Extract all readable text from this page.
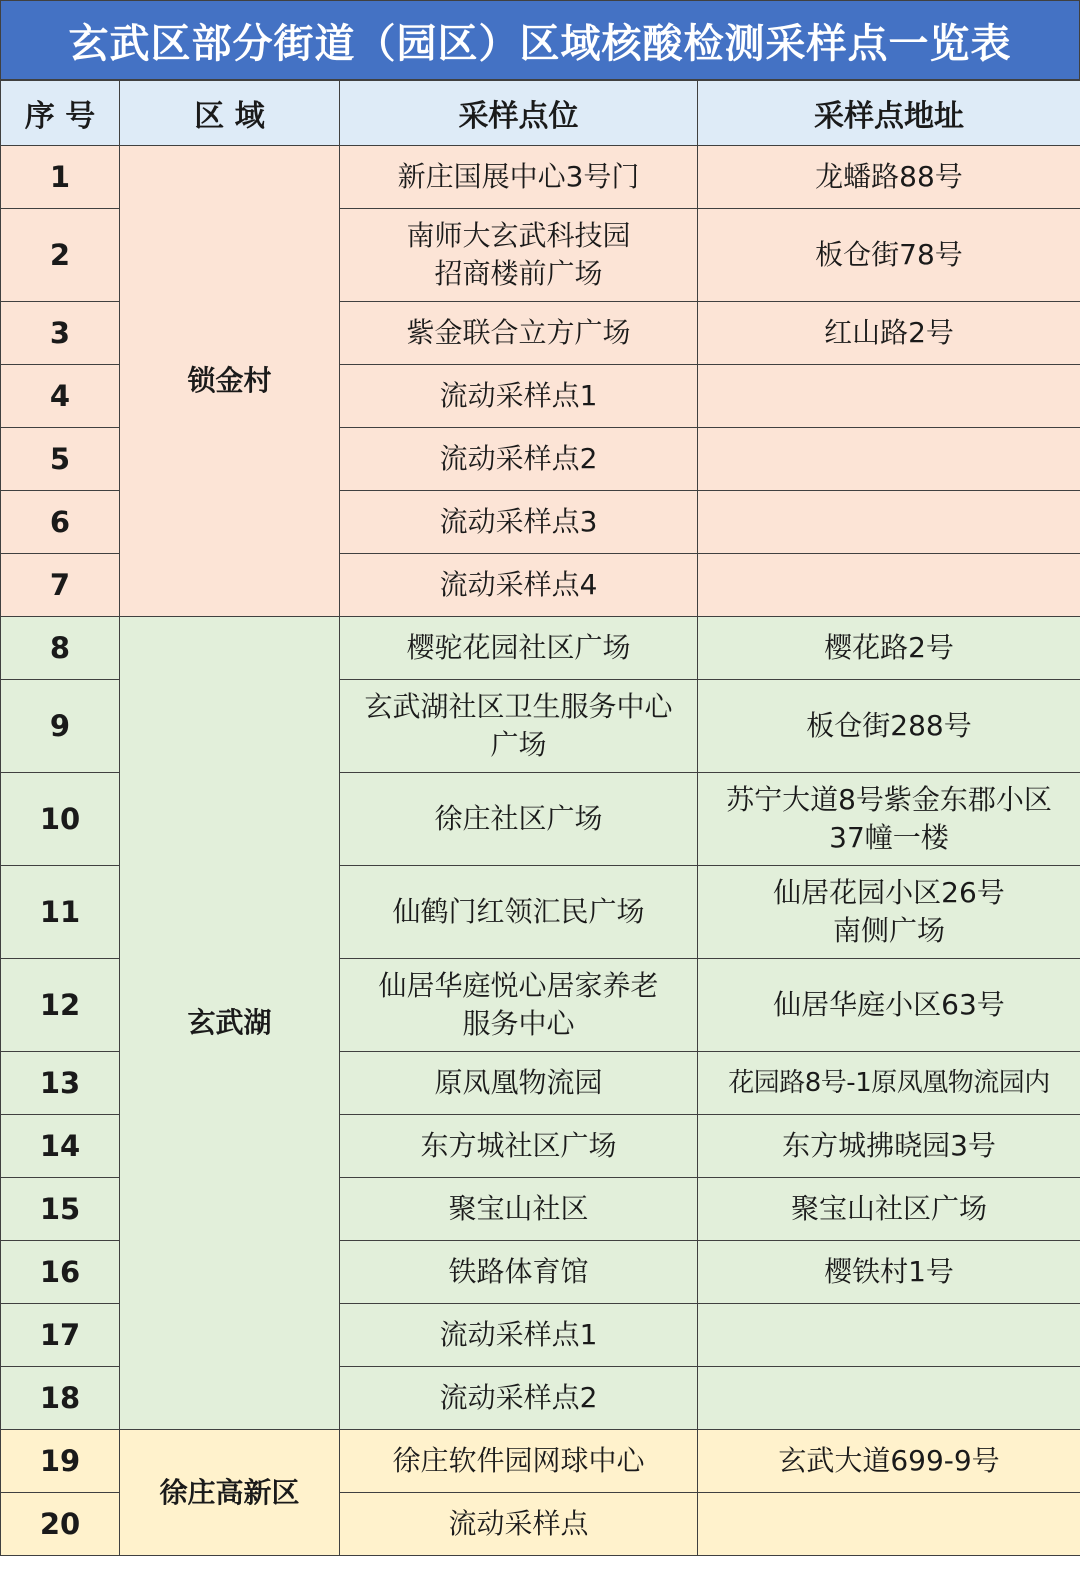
玄武区部分街道（园区）区域核酸检测采样点一览表
序 号	区 域	采样点位	采样点地址
1	锁金村	新庄国展中心3号门	龙蟠路88号
2		南师大玄武科技园
招商楼前广场	板仓街78号
3		紫金联合立方广场	红山路2号
4		流动采样点1	
5		流动采样点2	
6		流动采样点3	
7		流动采样点4	
8	玄武湖	樱驼花园社区广场	樱花路2号
9		玄武湖社区卫生服务中心
广场	板仓街288号
10		徐庄社区广场	苏宁大道8号紫金东郡小区
37幢一楼
11		仙鹤门红领汇民广场	仙居花园小区26号
南侧广场
12		仙居华庭悦心居家养老
服务中心	仙居华庭小区63号
13		原凤凰物流园	花园路8号-1原凤凰物流园内
14		东方城社区广场	东方城拂晓园3号
15		聚宝山社区	聚宝山社区广场
16		铁路体育馆	樱铁村1号
17		流动采样点1	
18		流动采样点2	
19	徐庄高新区	徐庄软件园网球中心	玄武大道699-9号
20		流动采样点	
